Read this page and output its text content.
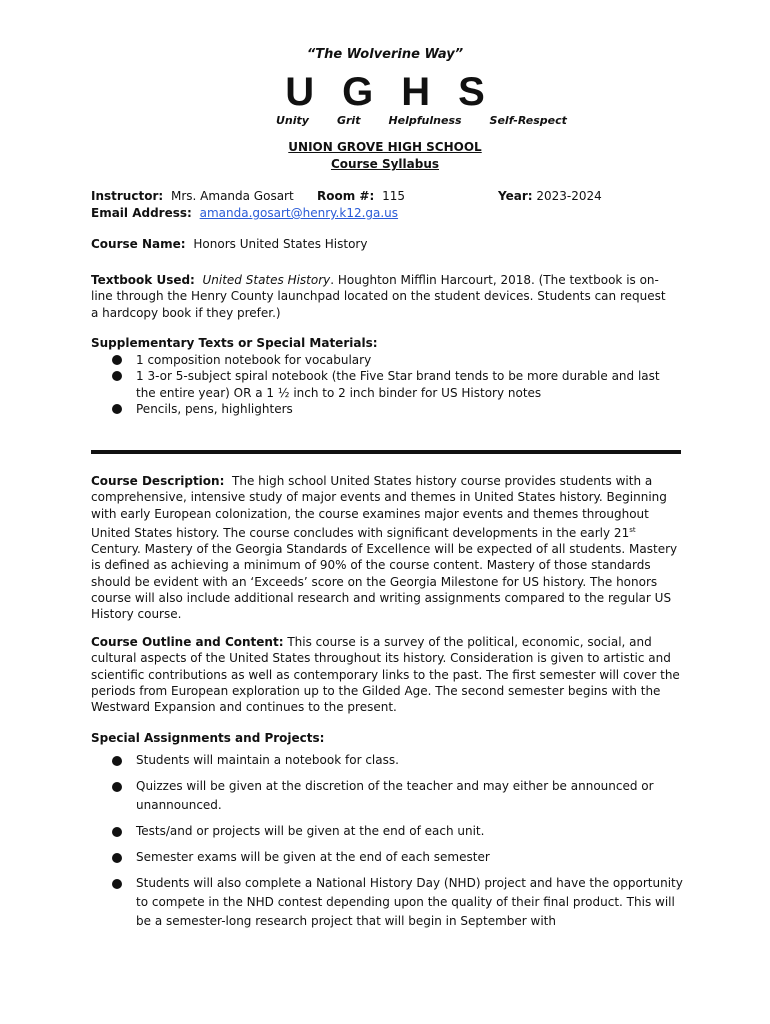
“The Wolverine Way”
U G H S
Unity	Grit	Helpfulness	Self-Respect
UNION GROVE HIGH SCHOOL
Course Syllabus
Instructor: Mrs. Amanda Gosart Room #: 115	Year: 2023-2024
Email Address: amanda.gosart@henry.k12.ga.us
Course Name: Honors United States History
Textbook Used: United States History. Houghton Mifflin Harcourt, 2018. (The textbook is on-
line through the Henry County launchpad located on the student devices. Students can request
a hardcopy book if they prefer.)
Supplementary Texts or Special Materials:
1 composition notebook for vocabulary
1 3-or 5-subject spiral notebook (the Five Star brand tends to be more durable and last the entire year) OR a 1 ½ inch to 2 inch binder for US History notes
Pencils, pens, highlighters
Course Description: The high school United States history course provides students with a comprehensive, intensive study of major events and themes in United States history. Beginning with early European colonization, the course examines major events and themes throughout United States history. The course concludes with significant developments in the early 21st Century. Mastery of the Georgia Standards of Excellence will be expected of all students. Mastery is defined as achieving a minimum of 90% of the course content. Mastery of those standards should be evident with an ‘Exceeds’ score on the Georgia Milestone for US history. The honors course will also include additional research and writing assignments compared to the regular US History course.
Course Outline and Content: This course is a survey of the political, economic, social, and cultural aspects of the United States throughout its history. Consideration is given to artistic and scientific contributions as well as contemporary links to the past. The first semester will cover the periods from European exploration up to the Gilded Age. The second semester begins with the Westward Expansion and continues to the present.
Special Assignments and Projects:
Students will maintain a notebook for class.
Quizzes will be given at the discretion of the teacher and may either be announced or unannounced.
Tests/and or projects will be given at the end of each unit.
Semester exams will be given at the end of each semester
Students will also complete a National History Day (NHD) project and have the opportunity to compete in the NHD contest depending upon the quality of their final product. This will be a semester-long research project that will begin in September with
